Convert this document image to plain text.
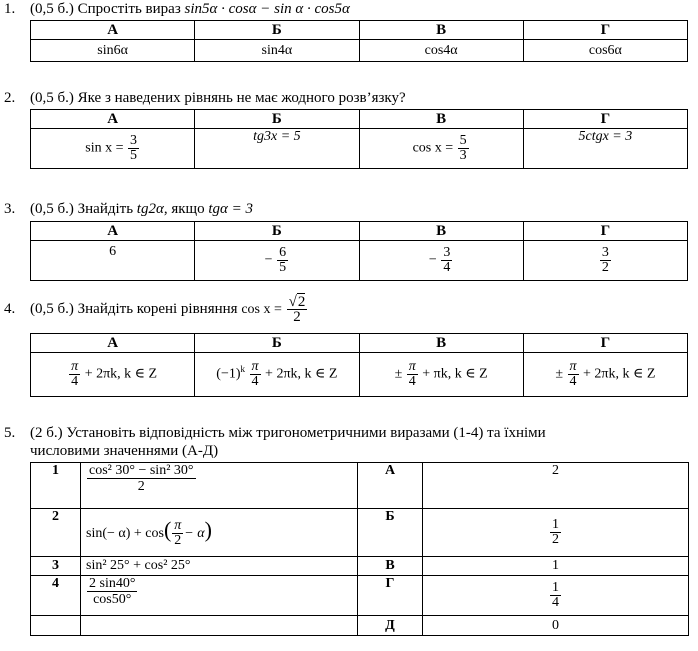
1. (0,5 б.) Спростіть вираз sin5α · cosα − sin α · cos5α
А	Б	В	Г
sin6α	sin4α	cos4α	cos6α
2. (0,5 б.) Яке з наведених рівнянь не має жодного розв’язку?
А	Б	В	Г
$\sin x = \frac{3}{5}$	tg3x = 5	$\cos x = \frac{5}{3}$	5ctgx = 3
3. (0,5 б.) Знайдіть tg2α, якщо tgα = 3
А	Б	В	Г
6	− $\frac{6}{5}$	− $\frac{3}{4}$	$\frac{3}{2}$
4. (0,5 б.) Знайдіть корені рівняння $\cos x = \frac{√2}{2}$
А	Б	В	Г

$\frac{\pi}{4} + 2\pi k$, k ∈ Z	$(-1)^k \frac{\pi}{4} + 2\pi k$, k ∈ Z	± $\frac{\pi}{4} + \pi k$, k ∈ Z	± $\frac{\pi}{4} + 2\pi k$, k ∈ Z
5. (2 б.) Установіть відповідність між тригонометричними виразами (1-4) та їхніми
числовими значеннями (А-Д)
1	$\frac{\text{cos² 30° − sin² 30°}}{2}$	А	2
2	$\sin(- \alpha) + \cos( \frac{\pi}{2} - \alpha)$	Б	$\frac{1}{2}$

3	sin² 25° + cos² 25°	В	1
4	$\frac{2 \sin 40^\circ}{\cos 50^\circ}$	Г	$\frac{1}{4}$

		Д	0
